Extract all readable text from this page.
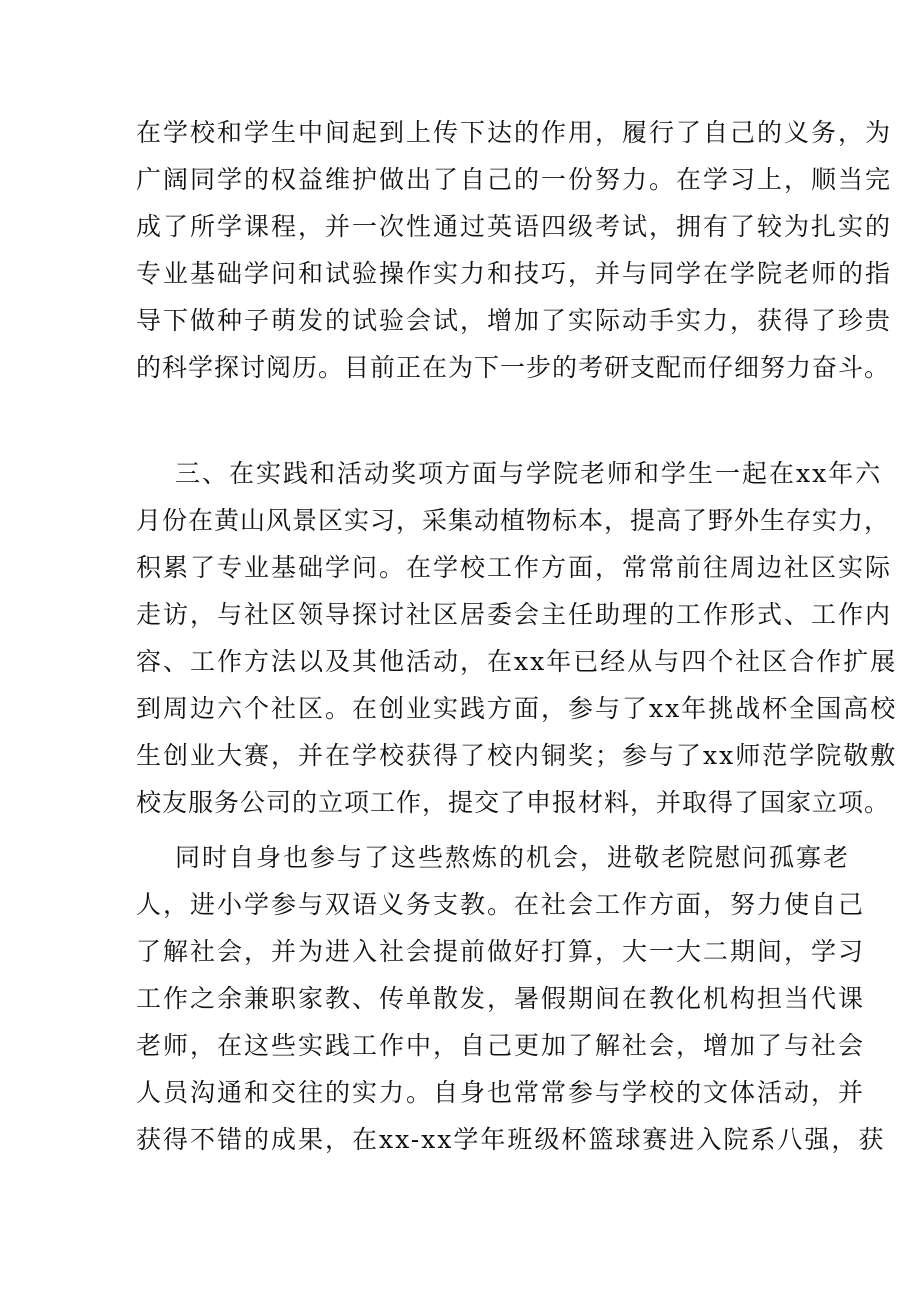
在学校和学生中间起到上传下达的作用，履行了自己的义务，为
广阔同学的权益维护做出了自己的一份努力。在学习上，顺当完
成了所学课程，并一次性通过英语四级考试，拥有了较为扎实的
专业基础学问和试验操作实力和技巧，并与同学在学院老师的指
导下做种子萌发的试验会试，增加了实际动手实力，获得了珍贵
的科学探讨阅历。目前正在为下一步的考研支配而仔细努力奋斗。
三、在实践和活动奖项方面与学院老师和学生一起在xx年六
月份在黄山风景区实习，采集动植物标本，提高了野外生存实力，
积累了专业基础学问。在学校工作方面，常常前往周边社区实际
走访，与社区领导探讨社区居委会主任助理的工作形式、工作内
容、工作方法以及其他活动，在xx年已经从与四个社区合作扩展
到周边六个社区。在创业实践方面，参与了xx年挑战杯全国高校
生创业大赛，并在学校获得了校内铜奖；参与了xx师范学院敬敷
校友服务公司的立项工作，提交了申报材料，并取得了国家立项。
同时自身也参与了这些熬炼的机会，进敬老院慰问孤寡老
人，进小学参与双语义务支教。在社会工作方面，努力使自己
了解社会，并为进入社会提前做好打算，大一大二期间，学习
工作之余兼职家教、传单散发，暑假期间在教化机构担当代课
老师，在这些实践工作中，自己更加了解社会，增加了与社会
人员沟通和交往的实力。自身也常常参与学校的文体活动，并
获得不错的成果，在xx-xx学年班级杯篮球赛进入院系八强，获
